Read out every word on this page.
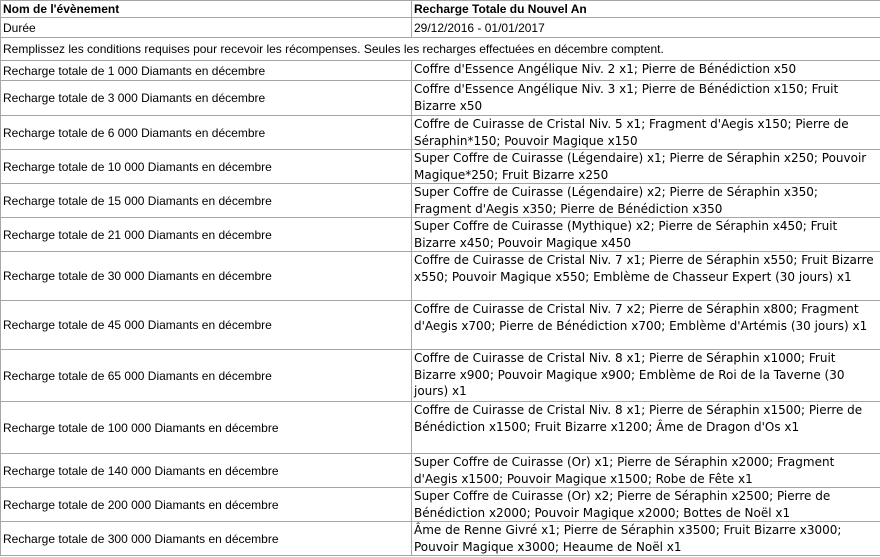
Nom de l'évènement	Recharge Totale du Nouvel An
Durée	29/12/2016 - 01/01/2017
Remplissez les conditions requises pour recevoir les récompenses. Seules les recharges effectuées en décembre comptent.	
Recharge totale de 1 000 Diamants en décembre	Coffre d'Essence Angélique Niv. 2 x1; Pierre de Bénédiction x50
Recharge totale de 3 000 Diamants en décembre	Coffre d'Essence Angélique Niv. 3 x1; Pierre de Bénédiction x150; Fruit Bizarre x50
Recharge totale de 6 000 Diamants en décembre	Coffre de Cuirasse de Cristal Niv. 5 x1; Fragment d'Aegis x150; Pierre de Séraphin*150; Pouvoir Magique x150
Recharge totale de 10 000 Diamants en décembre	Super Coffre de Cuirasse (Légendaire) x1; Pierre de Séraphin x250; Pouvoir Magique*250; Fruit Bizarre x250
Recharge totale de 15 000 Diamants en décembre	Super Coffre de Cuirasse (Légendaire) x2; Pierre de Séraphin x350; Fragment d'Aegis x350; Pierre de Bénédiction x350
Recharge totale de 21 000 Diamants en décembre	Super Coffre de Cuirasse (Mythique) x2; Pierre de Séraphin x450; Fruit Bizarre x450; Pouvoir Magique x450
Recharge totale de 30 000 Diamants en décembre	Coffre de Cuirasse de Cristal Niv. 7 x1; Pierre de Séraphin x550; Fruit Bizarre x550; Pouvoir Magique x550; Emblème de Chasseur Expert (30 jours) x1
Recharge totale de 45 000 Diamants en décembre	Coffre de Cuirasse de Cristal Niv. 7 x2; Pierre de Séraphin x800; Fragment d'Aegis x700; Pierre de Bénédiction x700; Emblème d'Artémis (30 jours) x1
Recharge totale de 65 000 Diamants en décembre	Coffre de Cuirasse de Cristal Niv. 8 x1; Pierre de Séraphin x1000; Fruit Bizarre x900; Pouvoir Magique x900; Emblème de Roi de la Taverne (30 jours) x1
Recharge totale de 100 000 Diamants en décembre	Coffre de Cuirasse de Cristal Niv. 8 x1; Pierre de Séraphin x1500; Pierre de Bénédiction x1500; Fruit Bizarre x1200; Âme de Dragon d'Os x1
Recharge totale de 140 000 Diamants en décembre	Super Coffre de Cuirasse (Or) x1; Pierre de Séraphin x2000; Fragment d'Aegis x1500; Pouvoir Magique x1500; Robe de Fête x1
Recharge totale de 200 000 Diamants en décembre	Super Coffre de Cuirasse (Or) x2; Pierre de Séraphin x2500; Pierre de Bénédiction x2000; Pouvoir Magique x2000; Bottes de Noël x1
Recharge totale de 300 000 Diamants en décembre	Âme de Renne Givré x1; Pierre de Séraphin x3500; Fruit Bizarre x3000; Pouvoir Magique x3000; Heaume de Noël x1
